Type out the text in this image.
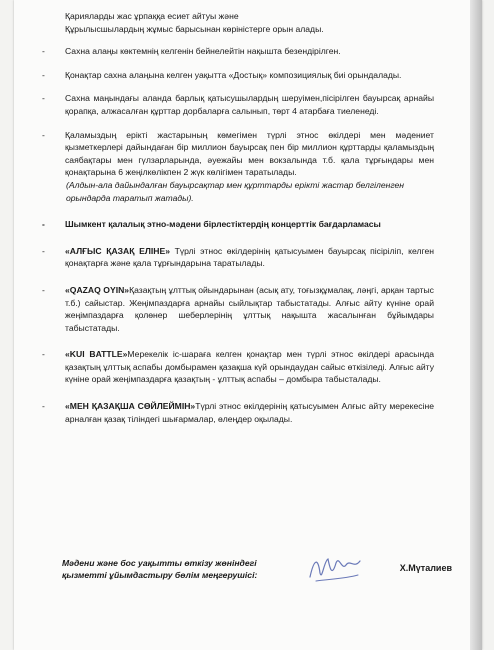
Қарияларды жас ұрпаққа есиет айтуы және
Құрылысшылардың жұмыс барысынан көріністерге орын алады.
- Сахна алаңы көктемнің келгенін бейнелейтін нақышта безендірілген.
- Қонақтар сахна алаңына келген уақытта «Достық» композициялық биі орындалады.
- Сахна маңындағы аланда барлық қатысушылардың шеруімен,пісірілген бауырсақ арнайы қорапқа, алжасалған құрттар дорбаларға салынып, төрт 4 атарбаға тиеленеді.
- Қаламыздың ерікті жастарының көмегімен түрлі этнос өкілдері мен мәдениет қызметкерлері дайындаған бір миллион бауырсақ пен бір миллион құрттарды қаламыздың саябақтары мен гүлзарларында, әуежайы мен вокзалында т.б. қала тұрғындары мен қонақтарына 6 жеңілкөлікпен 2 жүк көлігімен таратылады.
(Алдын-ала дайындалған бауырсақтар мен құрттарды ерікті жастар белгіленген орындарда таратып жатады).
- Шымкент қалалық этно-мәдени бірлестіктердің концерттік бағдарламасы
- «АЛҒЫС ҚАЗАҚ ЕЛІНЕ» Түрлі этнос өкілдерінің қатысуымен бауырсақ пісіріліп, келген қонақтарға және қала тұрғындарына таратылады.
- «QAZAQ OYIN»Қазақтың ұлттық ойындарынан (асық ату, тоғызқұмалақ, ләңгі, арқан тартыс т.б.) сайыстар. Жеңімпаздарға арнайы сыйлықтар табыстатады. Алғыс айту күніне орай жеңімпаздарға қолөнер шеберлерінің ұлттық нақышта жасалынған бұйымдары табыстатады.
- «KUI BATTLE»Мерекелік іс-шараға келген қонақтар мен түрлі этнос өкілдері арасында қазақтың ұлттық аспабы домбырамен қазақша күй орындаудан сайыс өткізіледі. Алғыс айту күніне орай жеңімпаздарға қазақтың - ұлттық аспабы – домбыра табысталады.
- «МЕН ҚАЗАҚША СӨЙЛЕЙМІН»Түрлі этнос өкілдерінің қатысуымен Алғыс айту мерекесіне арналған қазақ тіліндегі шығармалар, өлеңдер оқылады.
Мәдени және бос уақытты өткізу жөніндегі
қызметті ұйымдастыру бөлім меңгерушісі:
Х.Мүталиев
